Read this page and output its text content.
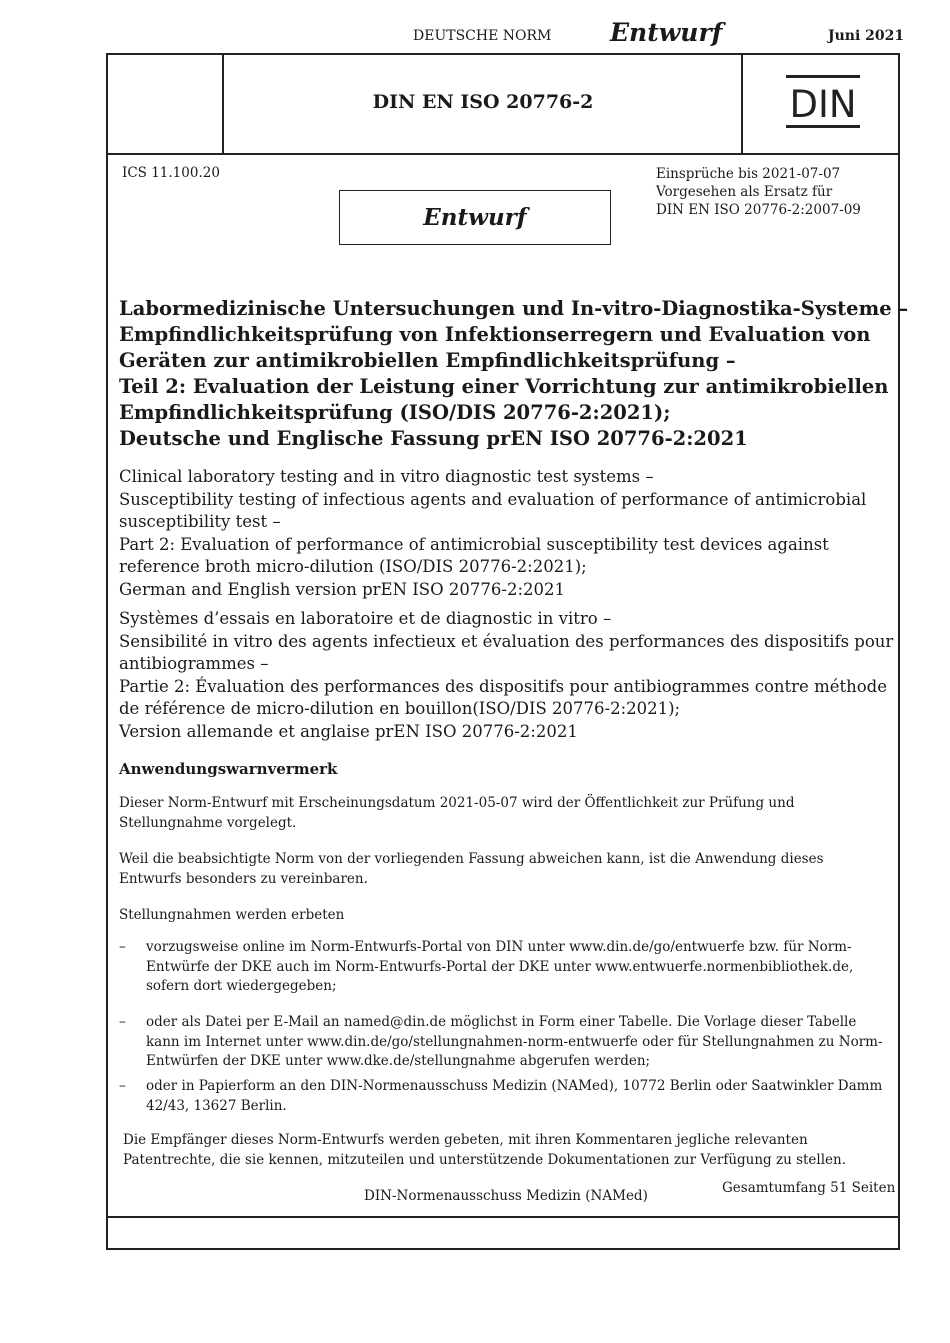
DEUTSCHE NORM Entwurf	Juni 2021
DIN EN ISO 20776-2	DIN
ICS 11.100.20	Einsprüche bis 2021-07-07
Vorgesehen als Ersatz für
DIN EN ISO 20776-2:2007-09
Entwurf
Labormedizinische Untersuchungen und In-vitro-Diagnostika-Systeme –
Empfindlichkeitsprüfung von Infektionserregern und Evaluation von
Geräten zur antimikrobiellen Empfindlichkeitsprüfung –
Teil 2: Evaluation der Leistung einer Vorrichtung zur antimikrobiellen
Empfindlichkeitsprüfung (ISO/DIS 20776-2:2021);
Deutsche und Englische Fassung prEN ISO 20776-2:2021
Clinical laboratory testing and in vitro diagnostic test systems –
Susceptibility testing of infectious agents and evaluation of performance of antimicrobial
susceptibility test –
Part 2: Evaluation of performance of antimicrobial susceptibility test devices against
reference broth micro-dilution (ISO/DIS 20776-2:2021);
German and English version prEN ISO 20776-2:2021
Systèmes d’essais en laboratoire et de diagnostic in vitro –
Sensibilité in vitro des agents infectieux et évaluation des performances des dispositifs pour
antibiogrammes –
Partie 2: Évaluation des performances des dispositifs pour antibiogrammes contre méthode
de référence de micro-dilution en bouillon(ISO/DIS 20776-2:2021);
Version allemande et anglaise prEN ISO 20776-2:2021
Anwendungswarnvermerk
Dieser Norm-Entwurf mit Erscheinungsdatum 2021-05-07 wird der Öffentlichkeit zur Prüfung und Stellungnahme vorgelegt.
Weil die beabsichtigte Norm von der vorliegenden Fassung abweichen kann, ist die Anwendung dieses Entwurfs besonders zu vereinbaren.
Stellungnahmen werden erbeten
–	vorzugsweise online im Norm-Entwurfs-Portal von DIN unter www.din.de/go/entwuerfe bzw. für Norm-Entwürfe der DKE auch im Norm-Entwurfs-Portal der DKE unter www.entwuerfe.normenbibliothek.de, sofern dort wiedergegeben;
–	oder als Datei per E-Mail an named@din.de möglichst in Form einer Tabelle. Die Vorlage dieser Tabelle kann im Internet unter www.din.de/go/stellungnahmen-norm-entwuerfe oder für Stellungnahmen zu Norm-Entwürfen der DKE unter www.dke.de/stellungnahme abgerufen werden;
–	oder in Papierform an den DIN-Normenausschuss Medizin (NAMed), 10772 Berlin oder Saatwinkler Damm 42/43, 13627 Berlin.
Die Empfänger dieses Norm-Entwurfs werden gebeten, mit ihren Kommentaren jegliche relevanten Patentrechte, die sie kennen, mitzuteilen und unterstützende Dokumentationen zur Verfügung zu stellen.
DIN-Normenausschuss Medizin (NAMed)	Gesamtumfang 51 Seiten
